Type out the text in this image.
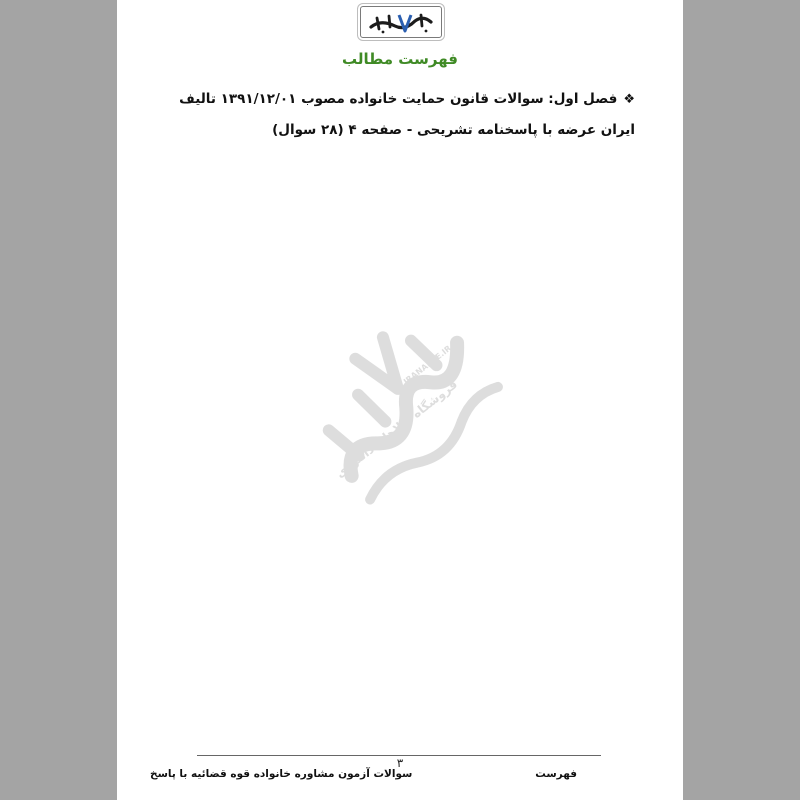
فهرست مطالب
❖فصل اول: سوالات قانون حمایت خانواده مصوب ۱۳۹۱/۱۲/۰۱ تالیف ایران عرضه با پاسخنامه تشریحی - صفحه ۴ (۲۸ سوال)
فروشگاه کالاهای دانلودی
IRANARZE.IR
۳
فهرست
سوالات آزمون مشاوره خانواده قوه قضائیه با پاسخ
